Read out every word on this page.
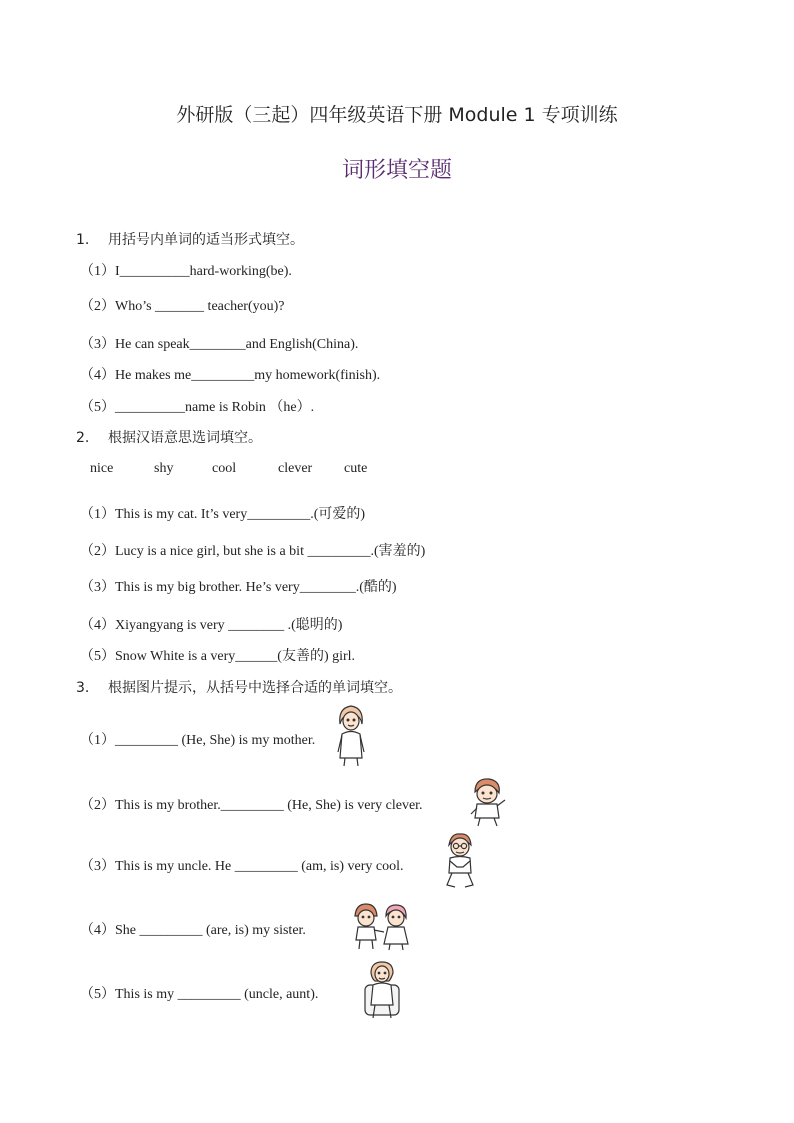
外研版（三起）四年级英语下册 Module 1 专项训练
词形填空题
1. 用括号内单词的适当形式填空。
（1）I__________hard-working(be).
（2）Who’s _______ teacher(you)?
（3）He can speak________and English(China).
（4）He makes me_________my homework(finish).
（5）__________name is Robin （he）.
2. 根据汉语意思选词填空。
nice	shy	cool	clever cute
（1）This is my cat. It’s very_________.(可爱的)
（2）Lucy is a nice girl, but she is a bit _________.(害羞的)
（3）This is my big brother. He’s very________.(酷的)
（4）Xiyangyang is very ________ .(聪明的)
（5）Snow White is a very______(友善的) girl.
3. 根据图片提示，从括号中选择合适的单词填空。
（1）_________ (He, She) is my mother.
（2）This is my brother._________ (He, She) is very clever.
（3）This is my uncle. He _________ (am, is) very cool.
（4）She _________ (are, is) my sister.
（5）This is my _________ (uncle, aunt).
